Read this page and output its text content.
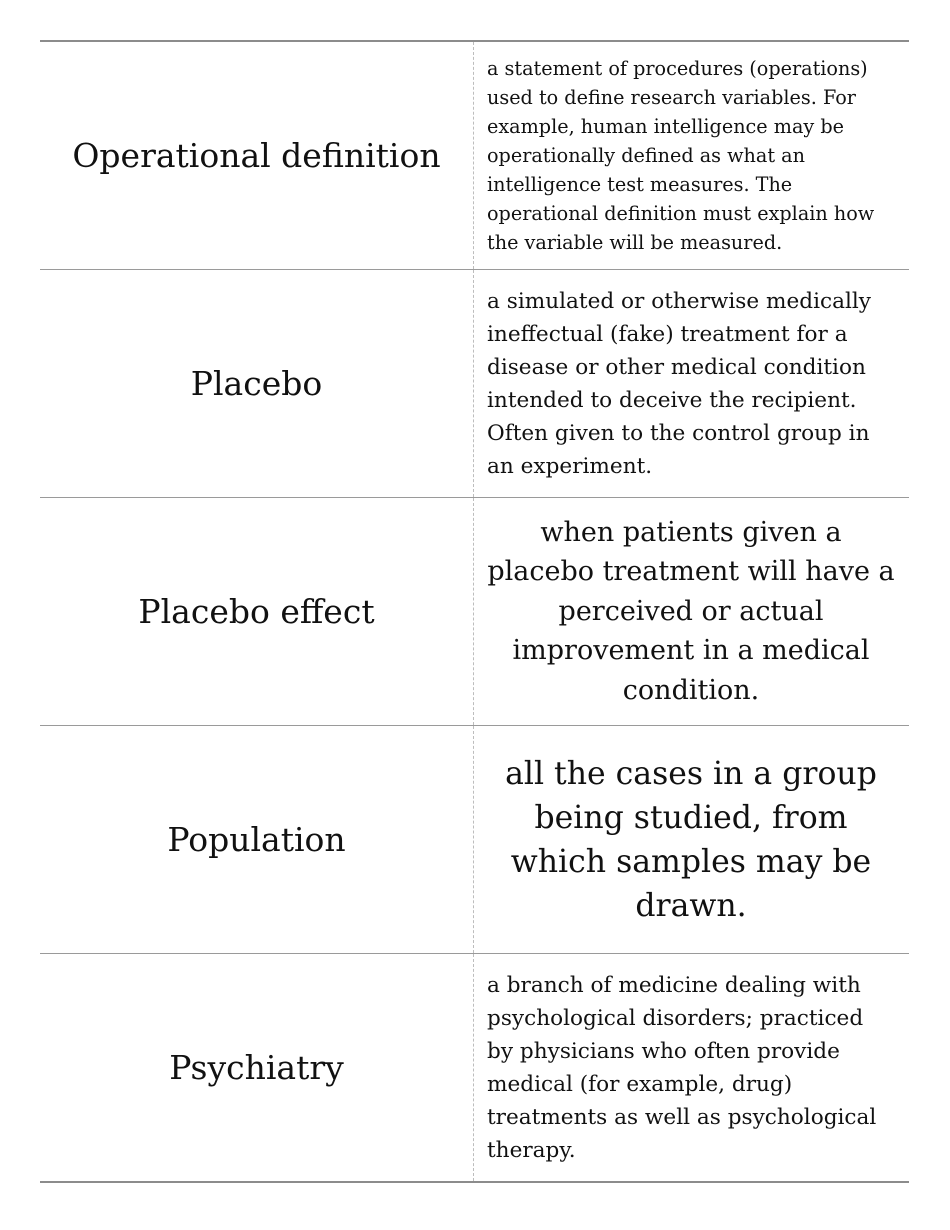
Operational definition
a statement of procedures (operations) used to define research variables. For example, human intelligence may be operationally defined as what an intelligence test measures. The operational definition must explain how the variable will be measured.
Placebo
a simulated or otherwise medically ineffectual (fake) treatment for a disease or other medical condition intended to deceive the recipient. Often given to the control group in an experiment.
Placebo effect
when patients given a placebo treatment will have a perceived or actual improvement in a medical condition.
Population
all the cases in a group being studied, from which samples may be drawn.
Psychiatry
a branch of medicine dealing with psychological disorders; practiced by physicians who often provide medical (for example, drug) treatments as well as psychological therapy.
